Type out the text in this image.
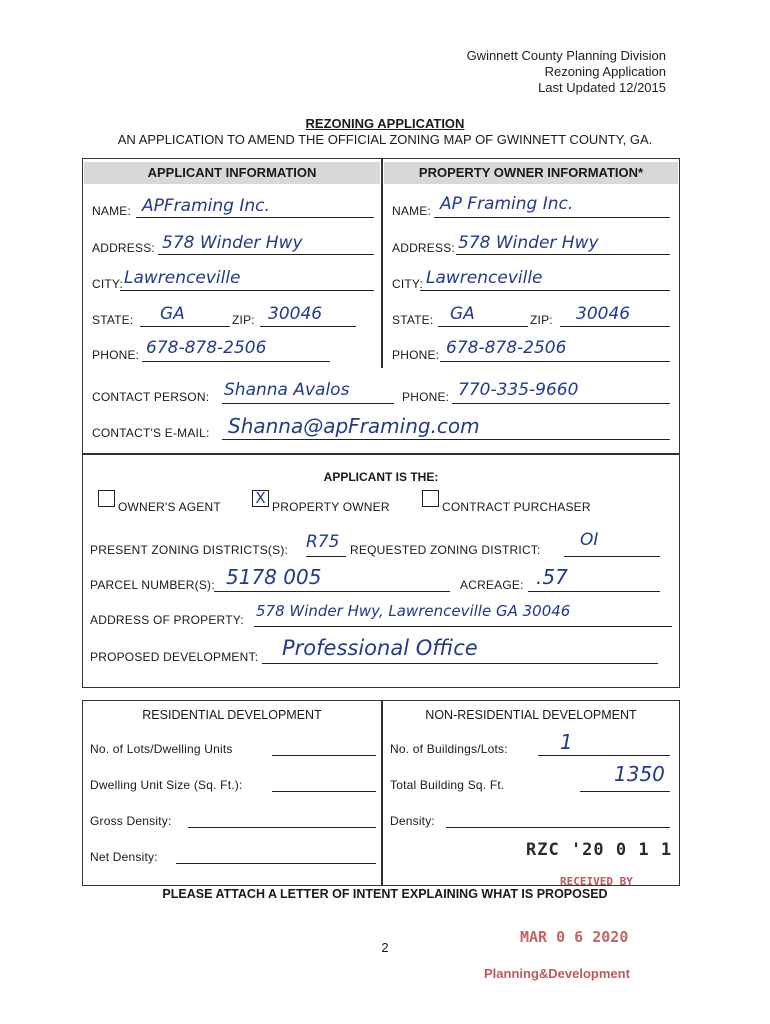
Gwinnett County Planning Division
Rezoning Application
Last Updated 12/2015
REZONING APPLICATION
AN APPLICATION TO AMEND THE OFFICIAL ZONING MAP OF GWINNETT COUNTY, GA.
APPLICANT INFORMATION	PROPERTY OWNER INFORMATION*
NAME: APFraming Inc.
ADDRESS: 578 Winder Hwy
CITY: Lawrenceville
STATE: GA	ZIP: 30046
PHONE: 678-878-2506
NAME: AP Framing Inc.
ADDRESS: 578 Winder Hwy
CITY: Lawrenceville
STATE: GA	ZIP: 30046
PHONE: 678-878-2506
CONTACT PERSON: Shanna Avalos	PHONE: 770-335-9660
CONTACT'S E-MAIL: Shanna@apFraming.com
APPLICANT IS THE:
OWNER'S AGENT X PROPERTY OWNER	CONTRACT PURCHASER
PRESENT ZONING DISTRICTS(S): R75 REQUESTED ZONING DISTRICT: OI
PARCEL NUMBER(S): 5178 005	ACREAGE: .57
ADDRESS OF PROPERTY: 578 Winder Hwy, Lawrenceville GA 30046
PROPOSED DEVELOPMENT: Professional Office
RESIDENTIAL DEVELOPMENT	NON-RESIDENTIAL DEVELOPMENT
No. of Lots/Dwelling Units
Dwelling Unit Size (Sq. Ft.):
Gross Density:
Net Density:
No. of Buildings/Lots:	1
Total Building Sq. Ft.	1350
Density:
RZC '20 0 1 1
PLEASE ATTACH A LETTER OF INTENT EXPLAINING WHAT IS PROPOSED
RECEIVED BY
2
MAR 0 6 2020
Planning&Development
